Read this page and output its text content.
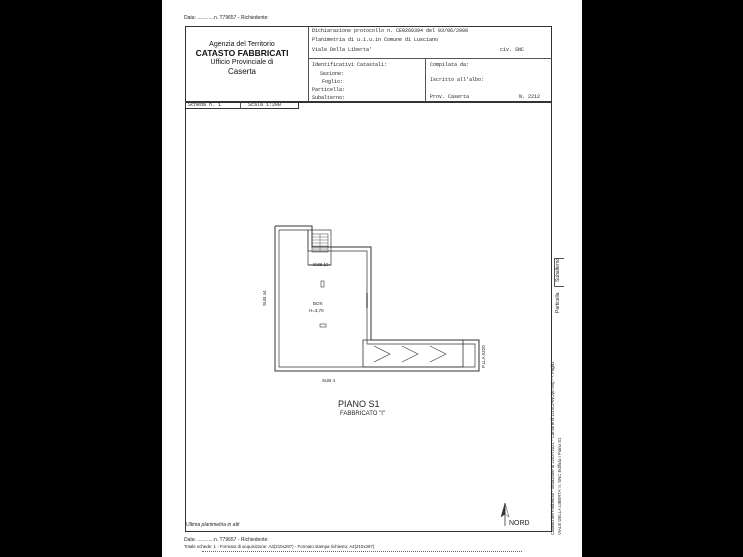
Data: ............n. T79657 - Richiedente:
Agenzia del Territorio
CATASTO FABBRICATI
Ufficio Provinciale di
Caserta
Dichiarazione protocollo n. CE0260394 del 03/06/2008
Planimetria di u.i.u.in Comune di Lusciano
Viale Della Liberta'	civ. SNC
Identificativi Catastali:
Sezione:
Foglio:
Particella:
Subalterno:
Compilata da:
Iscritto all'albo:
Prov. Caserta	N. 2212
Scheda n. 1	Scala 1:200
SUB 10
BOX
H=3,70
SUB 4
SUB 44
P.LLA 5320
PIANO S1
FABBRICATO "I"
NORD
Subalterno
Particella
Catasto dei Fabbricati - Situazione al 22/07/2021 - Comune di LUSCIANO(E754) - < Foglio: VIALE DELLA LIBERTA' n. SNC Edificio I Piano S1
Ultima planimetria in atti
Data: ............n. T79657 - Richiedente:
Totale schede: 1 - Formato di acquisizione: A4(210x297) - Formato stampa richiesto: A4(210x297)
